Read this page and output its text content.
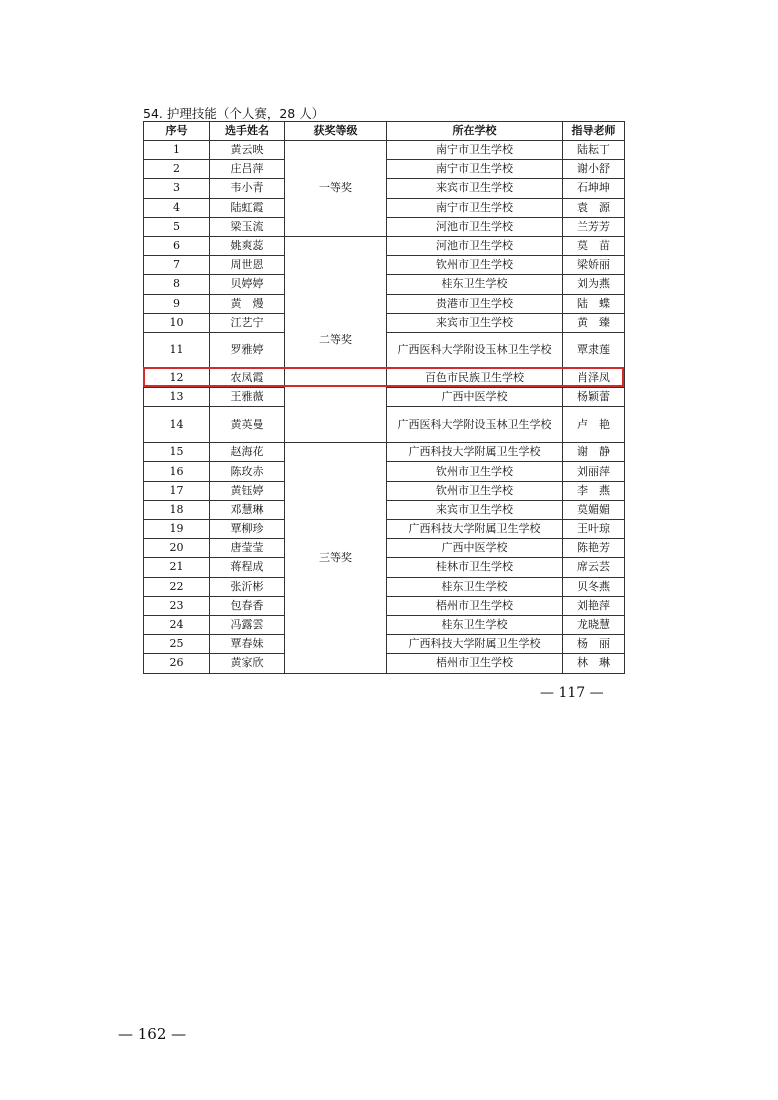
54. 护理技能（个人赛，28 人）
序号	选手姓名	获奖等级	所在学校	指导老师
1	黄云映	一等奖	南宁市卫生学校	陆耘丁
2	庄吕萍		南宁市卫生学校	谢小舒
3	韦小青		来宾市卫生学校	石坤坤
4	陆虹霞		南宁市卫生学校	袁　源
5	梁玉流		河池市卫生学校	兰芳芳
6	姚爽蕊	二等奖	河池市卫生学校	莫　苗
7	周世恩		钦州市卫生学校	梁娇丽
8	贝婷婷		桂东卫生学校	刘为燕
9	黄　熳		贵港市卫生学校	陆　蝶
10	江艺宁		来宾市卫生学校	黄　臻
11	罗雅婷		广西医科大学附设玉林卫生学校	覃隶莲
12	农凤霞		百色市民族卫生学校	肖泽凤
13	王雅薇		广西中医学校	杨颖蕾
14	黄英曼		广西医科大学附设玉林卫生学校	卢　艳
15	赵海花	三等奖	广西科技大学附属卫生学校	谢　静
16	陈玫赤		钦州市卫生学校	刘丽萍
17	黄钰婷		钦州市卫生学校	李　燕
18	邓慧琳		来宾市卫生学校	莫媚媚
19	覃柳珍		广西科技大学附属卫生学校	王叶琼
20	唐莹莹		广西中医学校	陈艳芳
21	蒋程成		桂林市卫生学校	席云芸
22	张沂彬		桂东卫生学校	贝冬燕
23	包春香		梧州市卫生学校	刘艳萍
24	冯露雲		桂东卫生学校	龙晓慧
25	覃春妹		广西科技大学附属卫生学校	杨　丽
26	黄家欣		梧州市卫生学校	林　琳
— 117 —
— 162 —
